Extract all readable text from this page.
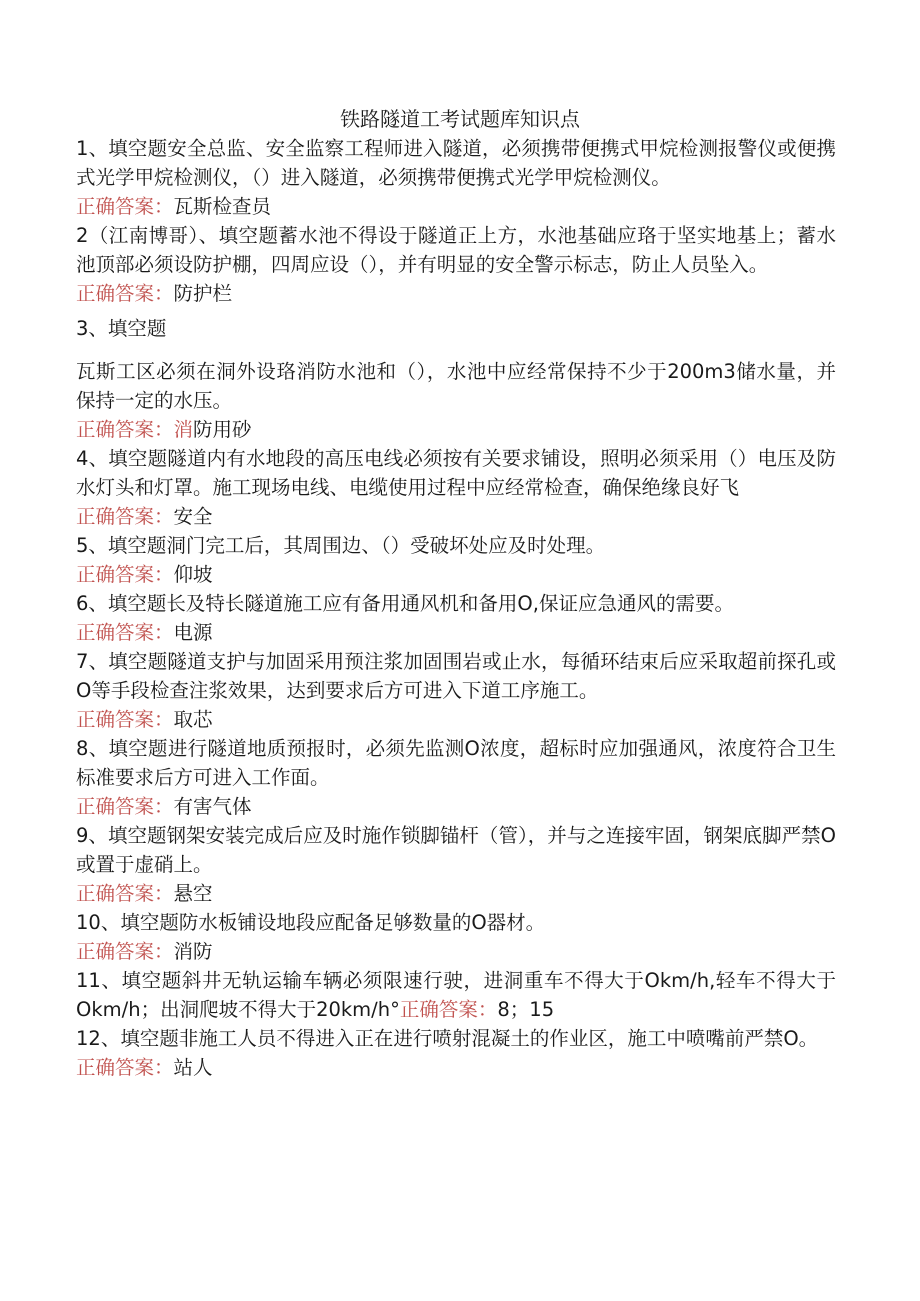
铁路隧道工考试题库知识点

1、填空题安全总监、安全监察工程师进入隧道，必须携带便携式甲烷检测报警仪或便携式光学甲烷检测仪，（）进入隧道，必须携带便携式光学甲烷检测仪。

正确答案：瓦斯检查员

2（江南博哥）、填空题蓄水池不得设于隧道正上方，水池基础应珞于坚实地基上；蓄水池顶部必须设防护棚，四周应设（），并有明显的安全警示标志，防止人员坠入。

正确答案：防护栏

3、填空题

瓦斯工区必须在洞外设珞消防水池和（），水池中应经常保持不少于200m3储水量，并保持一定的水压。

正确答案：消防用砂

4、填空题隧道内有水地段的高压电线必须按有关要求铺设，照明必须采用（）电压及防水灯头和灯罩。施工现场电线、电缆使用过程中应经常检查，确保绝缘良好飞

正确答案：安全

5、填空题洞门完工后，其周围边、（）受破坏处应及时处理。

正确答案：仰坡

6、填空题长及特长隧道施工应有备用通风机和备用O,保证应急通风的需要。

正确答案：电源

7、填空题隧道支护与加固采用预注浆加固围岩或止水，每循环结束后应采取超前探孔或O等手段检查注浆效果，达到要求后方可进入下道工序施工。

正确答案：取芯

8、填空题进行隧道地质预报时，必须先监测O浓度，超标时应加强通风，浓度符合卫生标准要求后方可进入工作面。

正确答案：有害气体

9、填空题钢架安装完成后应及时施作锁脚锚杆（管），并与之连接牢固，钢架底脚严禁O或置于虚硝上。

正确答案：悬空

10、填空题防水板铺设地段应配备足够数量的O器材。

正确答案：消防

11、填空题斜井无轨运输车辆必须限速行驶，进洞重车不得大于Okm/h,轻车不得大于Okm/h；出洞爬坡不得大于20km∕h°正确答案：8；15

12、填空题非施工人员不得进入正在进行喷射混凝土的作业区，施工中喷嘴前严禁O。

正确答案：站人
